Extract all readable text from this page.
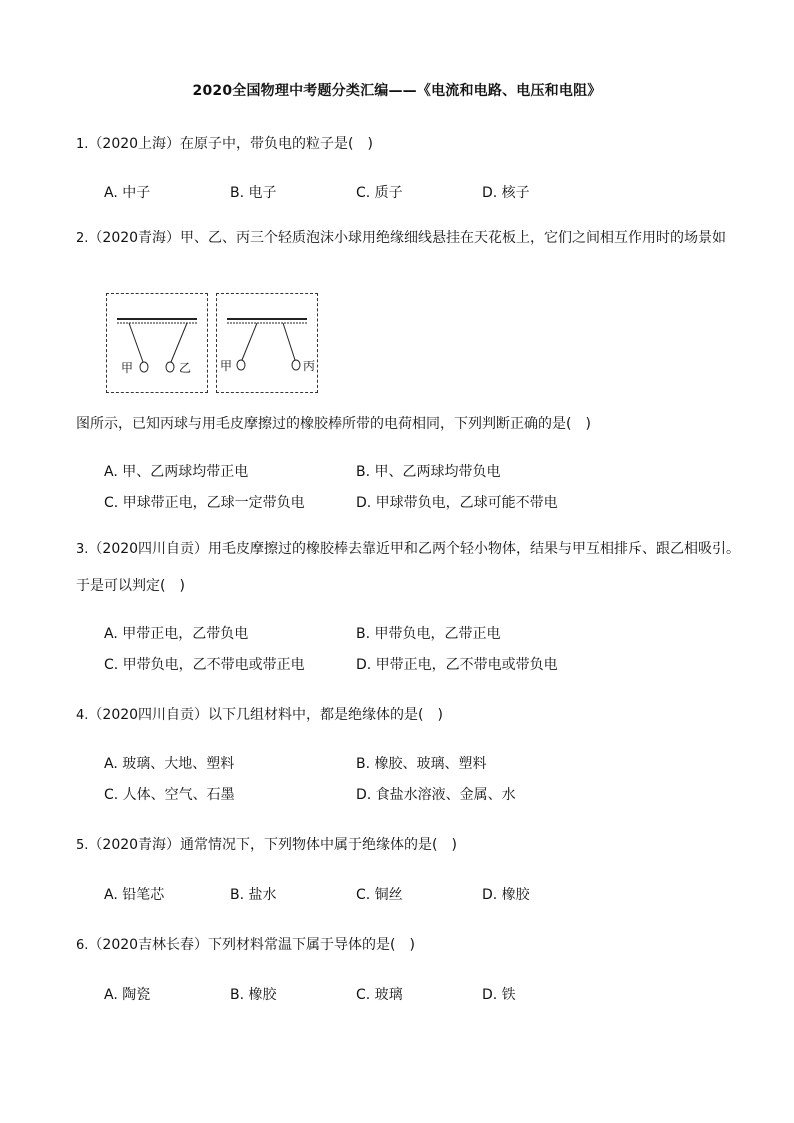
2020全国物理中考题分类汇编——《电流和电路、电压和电阻》
1.（2020上海）在原子中，带负电的粒子是(　)
A. 中子	B. 电子	C. 质子	D. 核子
2.（2020青海）甲、乙、丙三个轻质泡沫小球用绝缘细线悬挂在天花板上，它们之间相互作用时的场景如
甲	乙 甲	丙
图所示，已知丙球与用毛皮摩擦过的橡胶棒所带的电荷相同，下列判断正确的是(　)
A. 甲、乙两球均带正电	B. 甲、乙两球均带负电
C. 甲球带正电，乙球一定带负电	D. 甲球带负电，乙球可能不带电
3.（2020四川自贡）用毛皮摩擦过的橡胶棒去靠近甲和乙两个轻小物体，结果与甲互相排斥、跟乙相吸引。
于是可以判定(　)
A. 甲带正电，乙带负电	B. 甲带负电，乙带正电
C. 甲带负电，乙不带电或带正电	D. 甲带正电，乙不带电或带负电
4.（2020四川自贡）以下几组材料中，都是绝缘体的是(　)
A. 玻璃、大地、塑料	B. 橡胶、玻璃、塑料
C. 人体、空气、石墨	D. 食盐水溶液、金属、水
5.（2020青海）通常情况下，下列物体中属于绝缘体的是(　)
A. 铅笔芯	B. 盐水	C. 铜丝	D. 橡胶
6.（2020吉林长春）下列材料常温下属于导体的是(　)
A. 陶瓷	B. 橡胶	C. 玻璃	D. 铁
